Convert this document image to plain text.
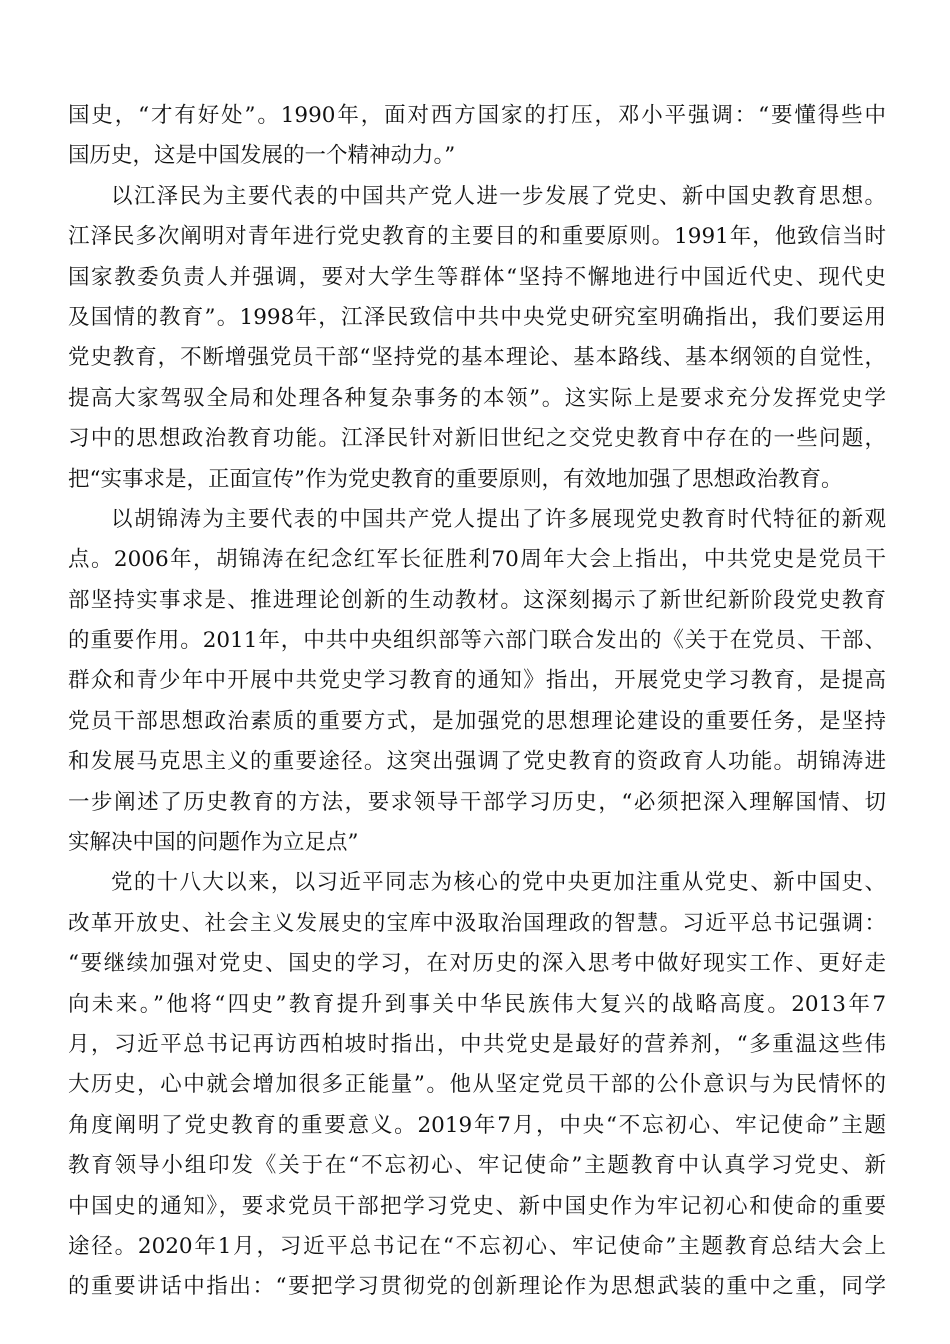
国史，“才有好处”。1990年，面对西方国家的打压，邓小平强调：“要懂得些中
国历史，这是中国发展的一个精神动力。”
以江泽民为主要代表的中国共产党人进一步发展了党史、新中国史教育思想。
江泽民多次阐明对青年进行党史教育的主要目的和重要原则。1991年，他致信当时
国家教委负责人并强调，要对大学生等群体“坚持不懈地进行中国近代史、现代史
及国情的教育”。1998年，江泽民致信中共中央党史研究室明确指出，我们要运用
党史教育，不断增强党员干部“坚持党的基本理论、基本路线、基本纲领的自觉性，
提高大家驾驭全局和处理各种复杂事务的本领”。这实际上是要求充分发挥党史学
习中的思想政治教育功能。江泽民针对新旧世纪之交党史教育中存在的一些问题，
把“实事求是，正面宣传”作为党史教育的重要原则，有效地加强了思想政治教育。
以胡锦涛为主要代表的中国共产党人提出了许多展现党史教育时代特征的新观
点。2006年，胡锦涛在纪念红军长征胜利70周年大会上指出，中共党史是党员干
部坚持实事求是、推进理论创新的生动教材。这深刻揭示了新世纪新阶段党史教育
的重要作用。2011年，中共中央组织部等六部门联合发出的《关于在党员、干部、
群众和青少年中开展中共党史学习教育的通知》指出，开展党史学习教育，是提高
党员干部思想政治素质的重要方式，是加强党的思想理论建设的重要任务，是坚持
和发展马克思主义的重要途径。这突出强调了党史教育的资政育人功能。胡锦涛进
一步阐述了历史教育的方法，要求领导干部学习历史，“必须把深入理解国情、切
实解决中国的问题作为立足点”
党的十八大以来，以习近平同志为核心的党中央更加注重从党史、新中国史、
改革开放史、社会主义发展史的宝库中汲取治国理政的智慧。习近平总书记强调：
“要继续加强对党史、国史的学习，在对历史的深入思考中做好现实工作、更好走
向未来。”他将“四史”教育提升到事关中华民族伟大复兴的战略高度。2013年7
月，习近平总书记再访西柏坡时指出，中共党史是最好的营养剂，“多重温这些伟
大历史，心中就会增加很多正能量”。他从坚定党员干部的公仆意识与为民情怀的
角度阐明了党史教育的重要意义。2019年7月，中央“不忘初心、牢记使命”主题
教育领导小组印发《关于在“不忘初心、牢记使命”主题教育中认真学习党史、新
中国史的通知》，要求党员干部把学习党史、新中国史作为牢记初心和使命的重要
途径。2020年1月，习近平总书记在“不忘初心、牢记使命”主题教育总结大会上
的重要讲话中指出：“要把学习贯彻党的创新理论作为思想武装的重中之重，同学
